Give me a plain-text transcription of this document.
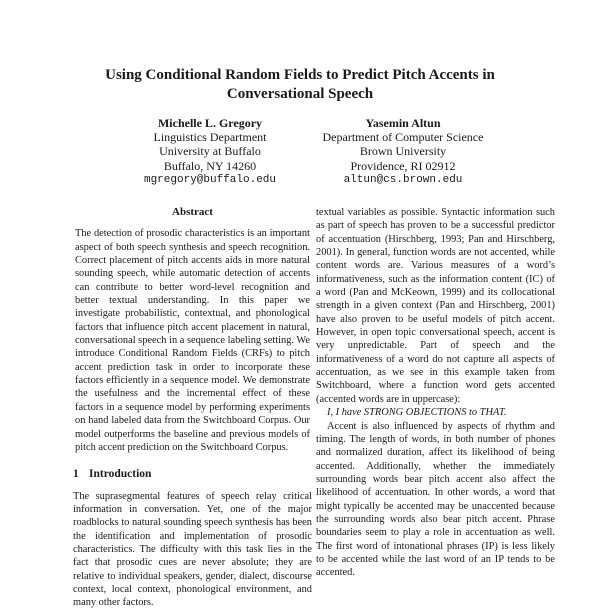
Using Conditional Random Fields to Predict Pitch Accents in
Conversational Speech
Michelle L. Gregory
Linguistics Department
University at Buffalo
Buffalo, NY 14260
mgregory@buffalo.edu
Yasemin Altun
Department of Computer Science
Brown University
Providence, RI 02912
altun@cs.brown.edu
Abstract

The detection of prosodic characteristics is an important aspect of both speech synthesis and speech recognition. Correct placement of pitch accents aids in more natural sounding speech, while automatic detection of accents can contribute to better word-level recognition and better textual understanding. In this paper we investigate probabilistic, contextual, and phonological factors that influence pitch accent placement in natural, conversational speech in a sequence labeling setting. We introduce Conditional Random Fields (CRFs) to pitch accent prediction task in order to incorporate these factors efficiently in a sequence model. We demonstrate the usefulness and the incremental effect of these factors in a sequence model by performing experiments on hand labeled data from the Switchboard Corpus. Our model outperforms the baseline and previous models of pitch accent prediction on the Switchboard Corpus.

1 Introduction

The suprasegmental features of speech relay critical information in conversation. Yet, one of the major roadblocks to natural sounding speech synthesis has been the identification and implementation of prosodic characteristics. The difficulty with this task lies in the fact that prosodic cues are never absolute; they are relative to individual speakers, gender, dialect, discourse context, local context, phonological environment, and many other factors.

textual variables as possible. Syntactic information such as part of speech has proven to be a successful predictor of accentuation (Hirschberg, 1993; Pan and Hirschberg, 2001). In general, function words are not accented, while content words are. Various measures of a word’s informativeness, such as the information content (IC) of a word (Pan and McKeown, 1999) and its collocational strength in a given context (Pan and Hirschberg, 2001) have also proven to be useful models of pitch accent. However, in open topic conversational speech, accent is very unpredictable. Part of speech and the informativeness of a word do not capture all aspects of accentuation, as we see in this example taken from Switchboard, where a function word gets accented (accented words are in uppercase):

I, I have STRONG OBJECTIONS to THAT.

Accent is also influenced by aspects of rhythm and timing. The length of words, in both number of phones and normalized duration, affect its likelihood of being accented. Additionally, whether the immediately surrounding words bear pitch accent also affect the likelihood of accentuation. In other words, a word that might typically be accented may be unaccented because the surrounding words also bear pitch accent. Phrase boundaries seem to play a role in accentuation as well. The first word of intonational phrases (IP) is less likely to be accented while the last word of an IP tends to be accented.
